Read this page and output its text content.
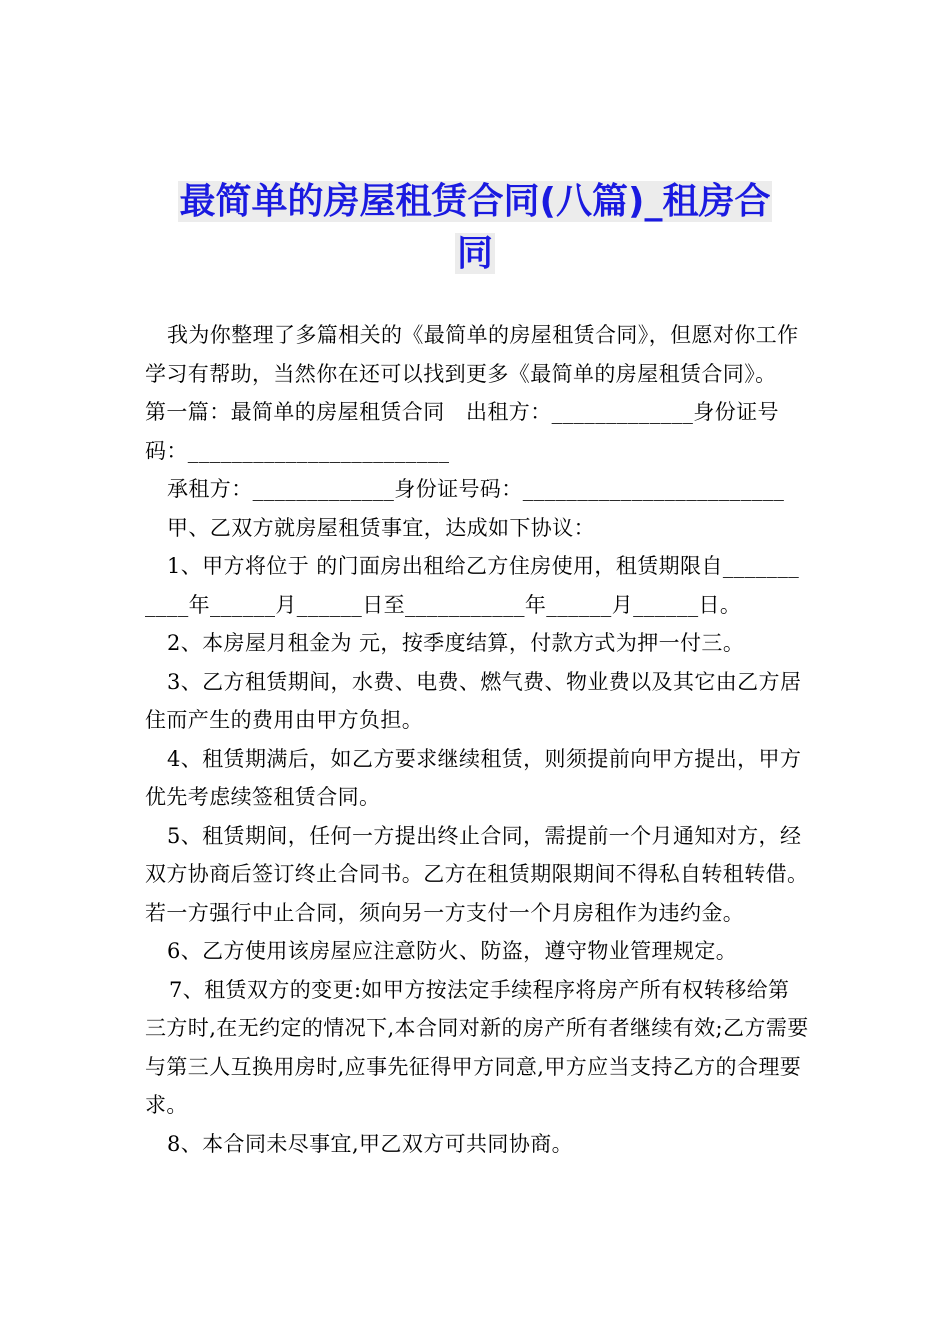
最简单的房屋租赁合同(八篇)_租房合
同

我为你整理了多篇相关的《最简单的房屋租赁合同》，但愿对你工作学习有帮助，当然你在还可以找到更多《最简单的房屋租赁合同》。

第一篇：最简单的房屋租赁合同　出租方：_____________身份证号码：________________________

承租方：_____________身份证号码：________________________

甲、乙双方就房屋租赁事宜，达成如下协议：

1、甲方将位于 的门面房出租给乙方住房使用，租赁期限自___________年______月______日至___________年______月______日。

2、本房屋月租金为 元，按季度结算，付款方式为押一付三。

3、乙方租赁期间，水费、电费、燃气费、物业费以及其它由乙方居住而产生的费用由甲方负担。

4、租赁期满后，如乙方要求继续租赁，则须提前向甲方提出，甲方优先考虑续签租赁合同。

5、租赁期间，任何一方提出终止合同，需提前一个月通知对方，经双方协商后签订终止合同书。乙方在租赁期限期间不得私自转租转借。若一方强行中止合同，须向另一方支付一个月房租作为违约金。

6、乙方使用该房屋应注意防火、防盗，遵守物业管理规定。

7、租赁双方的变更:如甲方按法定手续程序将房产所有权转移给第三方时,在无约定的情况下,本合同对新的房产所有者继续有效;乙方需要与第三人互换用房时,应事先征得甲方同意,甲方应当支持乙方的合理要求。

8、本合同未尽事宜,甲乙双方可共同协商。
